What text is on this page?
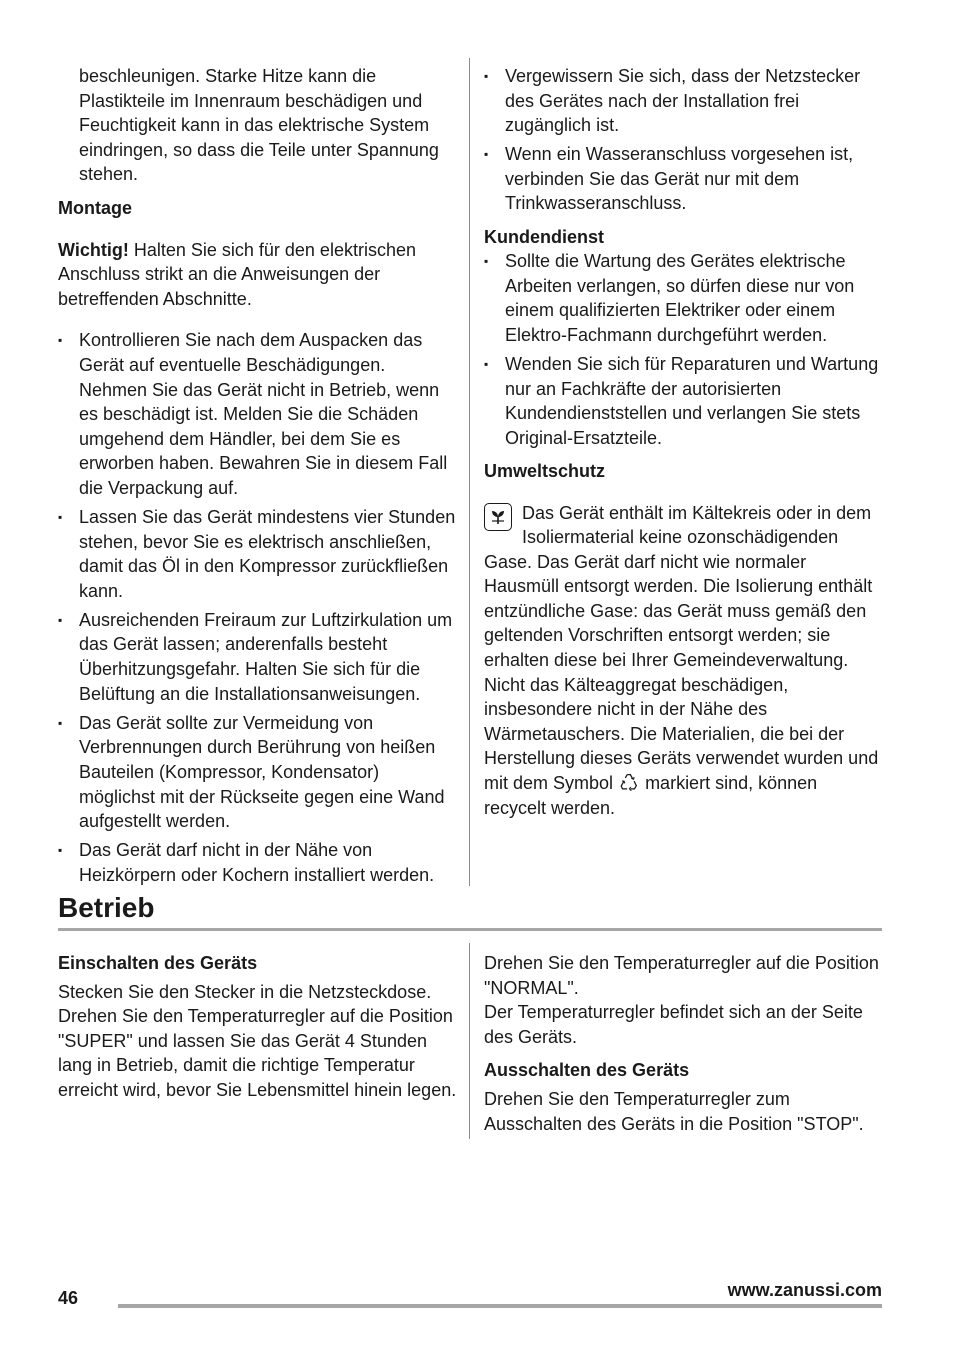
beschleunigen. Starke Hitze kann die Plastikteile im Innenraum beschädigen und Feuchtigkeit kann in das elektrische System eindringen, so dass die Teile unter Spannung stehen.

Montage

Wichtig! Halten Sie sich für den elektrischen Anschluss strikt an die Anweisungen der betreffenden Abschnitte.

▪ Kontrollieren Sie nach dem Auspacken das Gerät auf eventuelle Beschädigungen. Nehmen Sie das Gerät nicht in Betrieb, wenn es beschädigt ist. Melden Sie die Schäden umgehend dem Händler, bei dem Sie es erworben haben. Bewahren Sie in diesem Fall die Verpackung auf.
▪ Lassen Sie das Gerät mindestens vier Stunden stehen, bevor Sie es elektrisch anschließen, damit das Öl in den Kompressor zurückfließen kann.
▪ Ausreichenden Freiraum zur Luftzirkulation um das Gerät lassen; anderenfalls besteht Überhitzungsgefahr. Halten Sie sich für die Belüftung an die Installationsanweisungen.
▪ Das Gerät sollte zur Vermeidung von Verbrennungen durch Berührung von heißen Bauteilen (Kompressor, Kondensator) möglichst mit der Rückseite gegen eine Wand aufgestellt werden.
▪ Das Gerät darf nicht in der Nähe von Heizkörpern oder Kochern installiert werden.
▪ Vergewissern Sie sich, dass der Netzstecker des Gerätes nach der Installation frei zugänglich ist.
▪ Wenn ein Wasseranschluss vorgesehen ist, verbinden Sie das Gerät nur mit dem Trinkwasseranschluss.
Kundendienst
▪ Sollte die Wartung des Gerätes elektrische Arbeiten verlangen, so dürfen diese nur von einem qualifizierten Elektriker oder einem Elektro-Fachmann durchgeführt werden.
▪ Wenden Sie sich für Reparaturen und Wartung nur an Fachkräfte der autorisierten Kundendienststellen und verlangen Sie stets Original-Ersatzteile.
Umweltschutz

Das Gerät enthält im Kältekreis oder in dem Isoliermaterial keine ozonschädigenden Gase. Das Gerät darf nicht wie normaler Hausmüll entsorgt werden. Die Isolierung enthält entzündliche Gase: das Gerät muss gemäß den geltenden Vorschriften entsorgt werden; sie erhalten diese bei Ihrer Gemeindeverwaltung. Nicht das Kälteaggregat beschädigen, insbesondere nicht in der Nähe des Wärmetauschers. Die Materialien, die bei der Herstellung dieses Geräts verwendet wurden und mit dem Symbol  markiert sind, können recycelt werden.

Betrieb
Einschalten des Geräts

Stecken Sie den Stecker in die Netzsteckdose. Drehen Sie den Temperaturregler auf die Position "SUPER" und lassen Sie das Gerät 4 Stunden lang in Betrieb, damit die richtige Temperatur erreicht wird, bevor Sie Lebensmittel hinein legen.

Drehen Sie den Temperaturregler auf die Position "NORMAL".

Der Temperaturregler befindet sich an der Seite des Geräts.

Ausschalten des Geräts

Drehen Sie den Temperaturregler zum Ausschalten des Geräts in die Position "STOP".

46	www.zanussi.com
